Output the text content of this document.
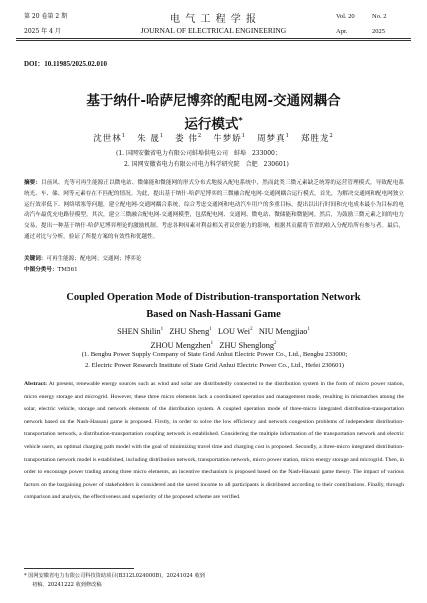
第 20 卷第 2 期
2025 年 4 月
电 气 工 程 学 报
JOURNAL OF ELECTRICAL ENGINEERING
Vol. 20	No. 2
Apr.	2025
DOI：10.11985/2025.02.010
基于纳什-哈萨尼博弈的配电网-交通网耦合
运行模式*
沈世林$^1$ 朱 晟$^1$ 娄 伟$^2$ 牛梦娇$^1$ 周梦真$^1$ 郑胜龙$^2$
(1. 国网安徽省电力有限公司蚌埠供电公司　蚌埠　233000；
2. 国网安徽省电力有限公司电力科学研究院　合肥　230601)
摘要：目前风、光等可再生能源正以微电站、微储能和微能网的形式分布式地接入配电系统中，然而此类三微元素缺乏统筹的运营管理模式，导致配电系统光、车、储、网等元素存在不匹配的情况。为此，提出基于纳什-哈萨尼博弈的三微融合配电网-交通网耦合运行模式。首先，为解决交通网和配电网独立运行效率低下、网络堵塞等问题，建立配电网-交通网耦合系统，综合考虑交通网和电动汽车用户的多重目标，提出以出行时间和充电成本最小为目标的电动汽车最优充电路径模型。其次，建立三微融合配电网-交通网模型，包括配电网、交通网、微电站、微储能和微能网。然后，为鼓励三微元素之间的电力交易，提出一种基于纳什-哈萨尼博弈理论的激励机制。考虑各种因素对利益相关者议价能力的影响，根据其贡献将节省的收入分配给所有参与者。最后，通过对比与分析，验证了所提方案的有效性和优越性。
关键词：可再生能源；配电网；交通网；博弈论
中图分类号：TM561
Coupled Operation Mode of Distribution-transportation Network
Based on Nash-Hassani Game
SHEN Shilin$^1$ ZHU Sheng$^1$ LOU Wei$^2$ NIU Mengjiao$^1$
ZHOU Mengzhen$^1$ ZHU Shenglong$^2$
(1. Bengbu Power Supply Company of State Grid Anhui Electric Power Co., Ltd., Bengbu 233000;
2. Electric Power Research Institute of State Grid Anhui Electric Power Co., Ltd., Hefei 230601)
Abstract: At present, renewable energy sources such as wind and solar are distributedly connected to the distribution system in the form of micro power station, micro energy storage and microgrid. However, these three micro elements lack a coordinated operation and management mode, resulting in mismatches among the solar, electric vehicle, storage and network elements of the distribution system. A coupled operation mode of three-micro integrated distribution-transportation network based on the Nash-Hassani game is proposed. Firstly, in order to solve the low efficiency and network congestion problems of independent distribution-transportation network, a distribution-transportation coupling network is established. Considering the multiple information of the transportation network and electric vehicle users, an optimal charging path model with the goal of minimizing travel time and charging cost is proposed. Secondly, a three-micro integrated distribution-transportation network model is established, including distribution network, transportation network, micro power station, micro energy storage and microgrid. Then, in order to encourage power trading among three micro elements, an incentive mechanism is proposed based on the Nash-Hassani game theory. The impact of various factors on the bargaining power of stakeholders is considered and the saved income to all participants is distributed according to their contributions. Finally, through comparison and analysis, the effectiveness and superiority of the proposed scheme are verified.
* 国网安徽省电力有限公司科技资助项目(B312L024000B)。20241024 收到
初稿，20241222 收到修改稿
